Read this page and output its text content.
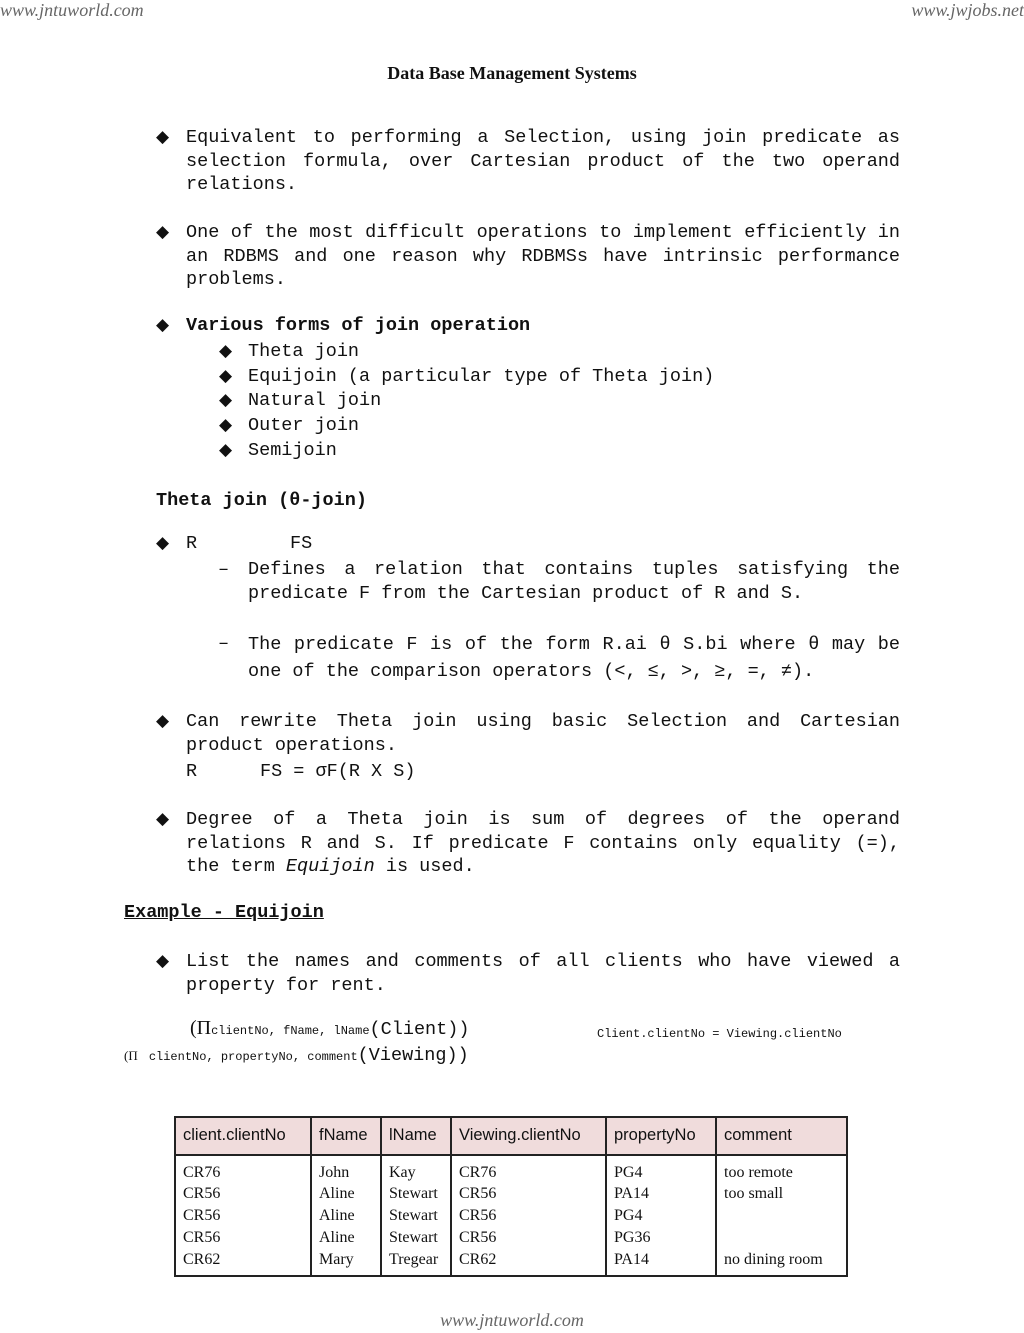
www.jntuworld.com	www.jwjobs.net
www.jntuworld.com
Data Base Management Systems
◆ Equivalent to performing a Selection, using join predicate as selection formula, over Cartesian product of the two operand relations.
◆ One of the most difficult operations to implement efficiently in an RDBMS and one reason why RDBMSs have intrinsic performance problems.
◆ Various forms of join operation
◆ Theta join
◆ Equijoin (a particular type of Theta join)
◆ Natural join
◆ Outer join
◆ Semijoin
Theta join (θ-join)
◆ R	FS
– Defines a relation that contains tuples satisfying the predicate F from the Cartesian product of R and S.
– The predicate F is of the form R.ai θ S.bi where θ may be one of the comparison operators (<, ≤, >, ≥, =, ≠).
◆ Can rewrite Theta join using basic Selection and Cartesian product operations.
R	FS = σF(R X S)
◆ Degree of a Theta join is sum of degrees of the operand relations R and S. If predicate F contains only equality (=), the term Equijoin is used.
Example - Equijoin
◆ List the names and comments of all clients who have viewed a property for rent.
(ΠclientNo, fName, lName(Client))	Client.clientNo = Viewing.clientNo
(Π clientNo, propertyNo, comment(Viewing))
client.clientNo	fName	lName	Viewing.clientNo	propertyNo	comment
CR76	John	Kay	CR76	PG4	too remote
CR56	Aline	Stewart	CR56	PA14	too small
CR56	Aline	Stewart	CR56	PG4	
CR56	Aline	Stewart	CR56	PG36	
CR62	Mary	Tregear	CR62	PA14	no dining room
